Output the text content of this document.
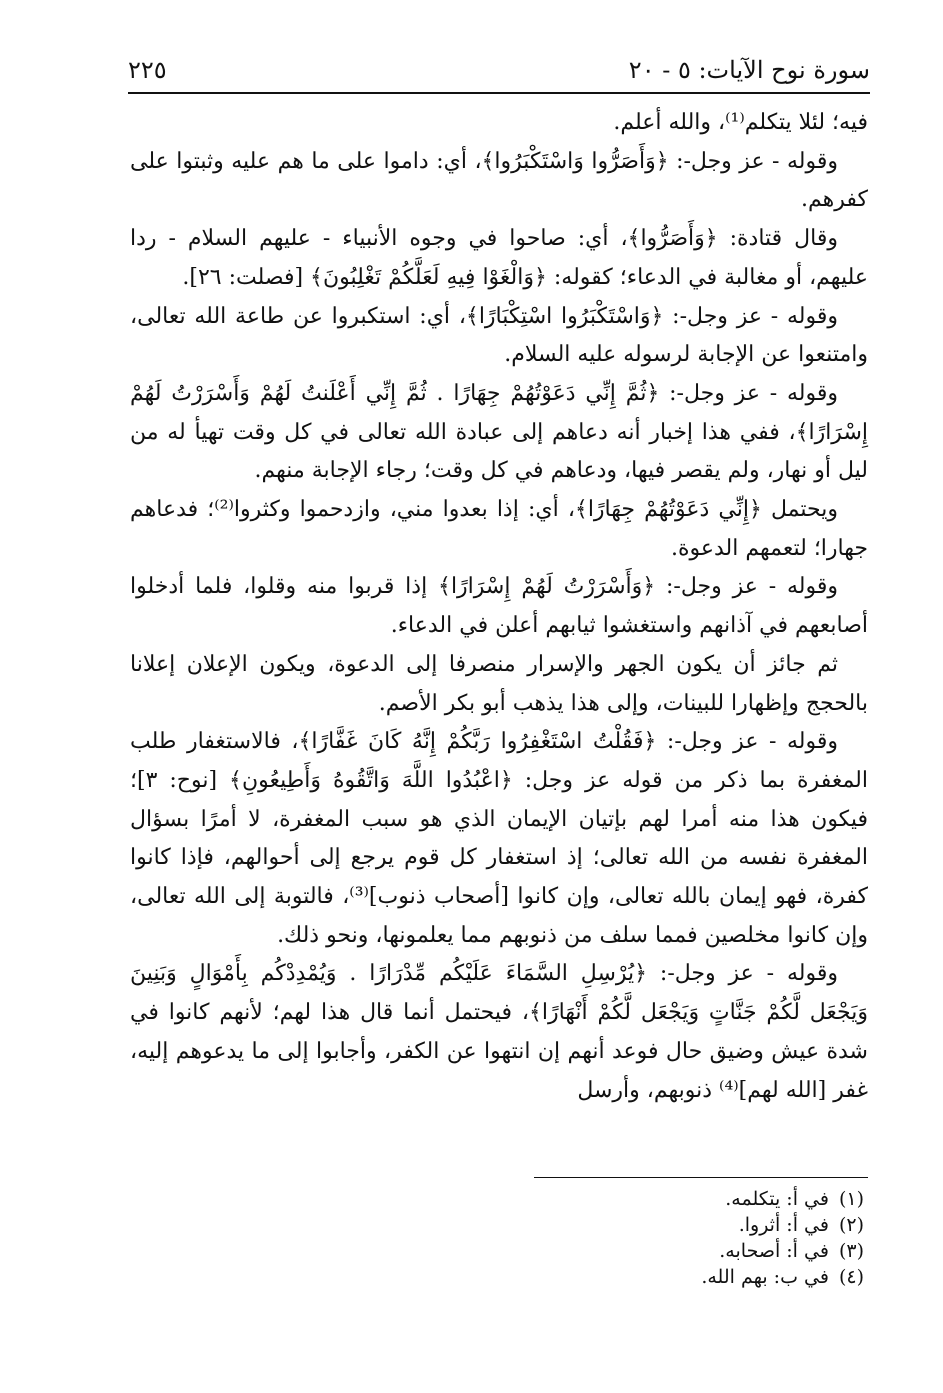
سورة نوح الآيات: ٥ - ٢٠
٢٢٥

فيه؛ لئلا يتكلم⁽¹⁾، والله أعلم.

وقوله - عز وجل-: ﴿وَأَصَرُّوا وَاسْتَكْبَرُوا﴾، أي: داموا على ما هم عليه وثبتوا على كفرهم.

وقال قتادة: ﴿وَأَصَرُّوا﴾، أي: صاحوا في وجوه الأنبياء - عليهم السلام - ردا عليهم، أو مغالبة في الدعاء؛ كقوله: ﴿وَالْغَوْا فِيهِ لَعَلَّكُمْ تَغْلِبُونَ﴾ [فصلت: ٢٦].

وقوله - عز وجل-: ﴿وَاسْتَكْبَرُوا اسْتِكْبَارًا﴾، أي: استكبروا عن طاعة الله تعالى، وامتنعوا عن الإجابة لرسوله عليه السلام.

وقوله - عز وجل-: ﴿ثُمَّ إِنِّي دَعَوْتُهُمْ جِهَارًا . ثُمَّ إِنِّي أَعْلَنتُ لَهُمْ وَأَسْرَرْتُ لَهُمْ إِسْرَارًا﴾، ففي هذا إخبار أنه دعاهم إلى عبادة الله تعالى في كل وقت تهيأ له من ليل أو نهار، ولم يقصر فيها، ودعاهم في كل وقت؛ رجاء الإجابة منهم.

ويحتمل ﴿إِنِّي دَعَوْتُهُمْ جِهَارًا﴾، أي: إذا بعدوا مني، وازدحموا وكثروا⁽²⁾؛ فدعاهم جهارا؛ لتعمهم الدعوة.

وقوله - عز وجل-: ﴿وَأَسْرَرْتُ لَهُمْ إِسْرَارًا﴾ إذا قربوا منه وقلوا، فلما أدخلوا أصابعهم في آذانهم واستغشوا ثيابهم أعلن في الدعاء.

ثم جائز أن يكون الجهر والإسرار منصرفا إلى الدعوة، ويكون الإعلان إعلانا بالحجج وإظهارا للبينات، وإلى هذا يذهب أبو بكر الأصم.

وقوله - عز وجل-: ﴿فَقُلْتُ اسْتَغْفِرُوا رَبَّكُمْ إِنَّهُ كَانَ غَفَّارًا﴾، فالاستغفار طلب المغفرة بما ذكر من قوله عز وجل: ﴿اعْبُدُوا اللَّهَ وَاتَّقُوهُ وَأَطِيعُونِ﴾ [نوح: ٣]؛ فيكون هذا منه أمرا لهم بإتيان الإيمان الذي هو سبب المغفرة، لا أمرًا بسؤال المغفرة نفسه من الله تعالى؛ إذ استغفار كل قوم يرجع إلى أحوالهم، فإذا كانوا كفرة، فهو إيمان بالله تعالى، وإن كانوا [أصحاب ذنوب]⁽³⁾، فالتوبة إلى الله تعالى، وإن كانوا مخلصين فمما سلف من ذنوبهم مما يعلمونها، ونحو ذلك.

وقوله - عز وجل-: ﴿يُرْسِلِ السَّمَاءَ عَلَيْكُم مِّدْرَارًا . وَيُمْدِدْكُم بِأَمْوَالٍ وَبَنِينَ وَيَجْعَل لَّكُمْ جَنَّاتٍ وَيَجْعَل لَّكُمْ أَنْهَارًا﴾، فيحتمل أنما قال هذا لهم؛ لأنهم كانوا في شدة عيش وضيق حال فوعد أنهم إن انتهوا عن الكفر، وأجابوا إلى ما يدعوهم إليه، غفر [الله لهم]⁽⁴⁾ ذنوبهم، وأرسل

(١)في أ: يتكلمه.

(٢)في أ: أثروا.

(٣)في أ: أصحابه.

(٤)في ب: بهم الله.
